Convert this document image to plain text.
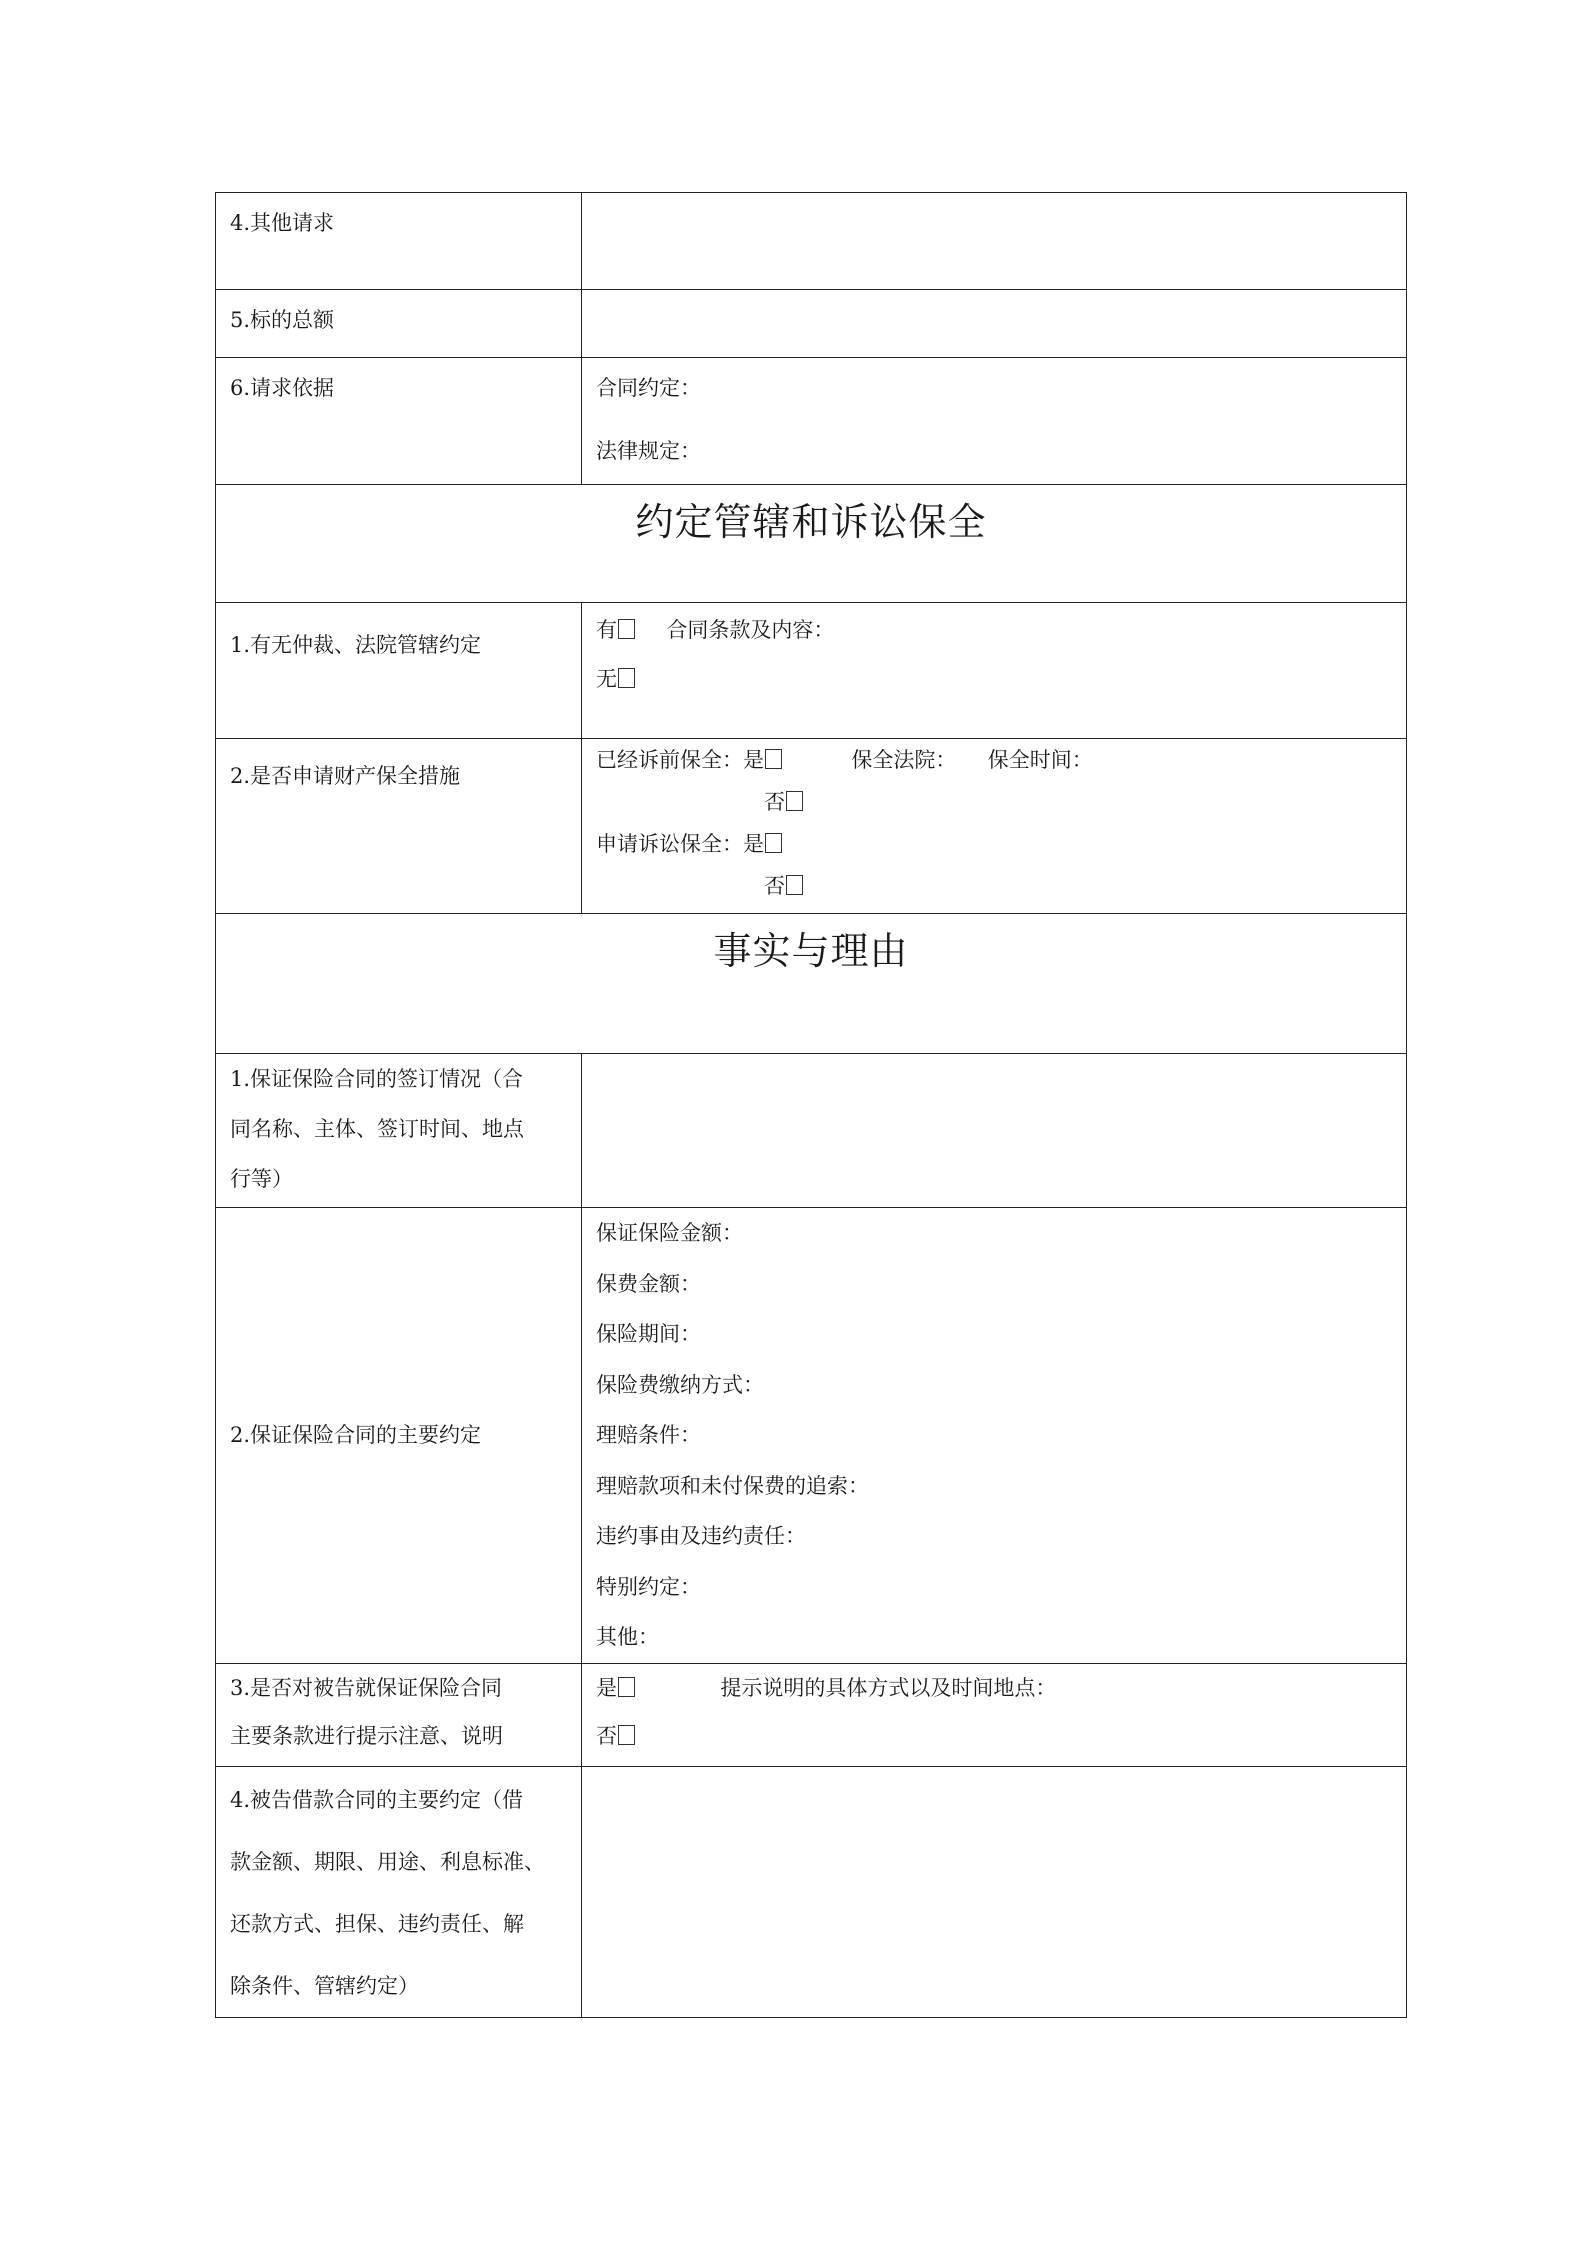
4.其他请求	

5.标的总额	

6.请求依据	合同约定：
法律规定：

约定管辖和诉讼保全	

1.有无仲裁、法院管辖约定	有 合同条款及内容：
无

2.是否申请财产保全措施	已经诉前保全：是 保全法院： 保全时间：
否
申请诉讼保全：是
否

事实与理由	

1.保证保险合同的签订情况（合
同名称、主体、签订时间、地点
行等）	

2.保证保险合同的主要约定

保证保险金额：
保费金额：
保险期间：
保险费缴纳方式：
理赔条件：
理赔款项和未付保费的追索：
违约事由及违约责任：
特别约定：
其他：

3.是否对被告就保证保险合同
主要条款进行提示注意、说明	是 提示说明的具体方式以及时间地点：
否

4.被告借款合同的主要约定（借
款金额、期限、用途、利息标准、
还款方式、担保、违约责任、解
除条件、管辖约定）	
